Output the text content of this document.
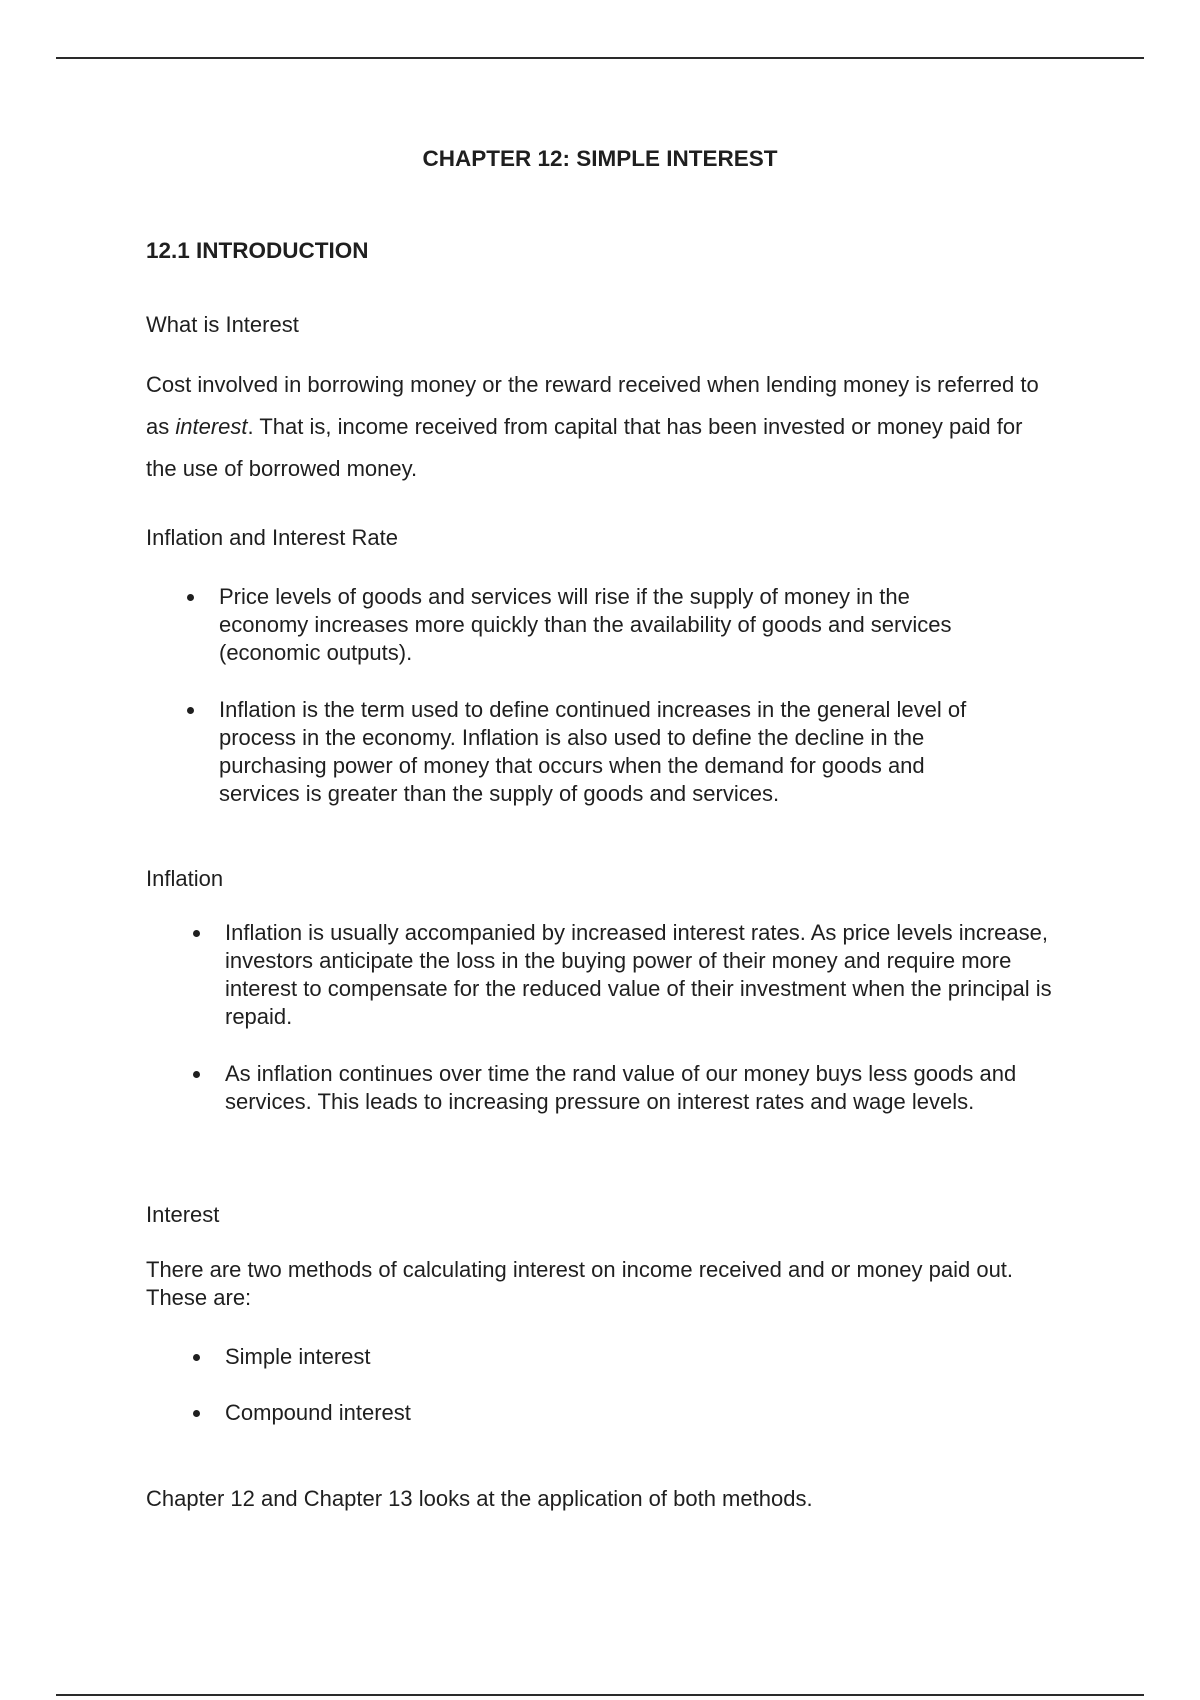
CHAPTER 12: SIMPLE INTEREST
12.1 INTRODUCTION
What is Interest

Cost involved in borrowing money or the reward received when lending money is referred to as interest. That is, income received from capital that has been invested or money paid for the use of borrowed money.

Inflation and Interest Rate
Price levels of goods and services will rise if the supply of money in the economy increases more quickly than the availability of goods and services (economic outputs).
Inflation is the term used to define continued increases in the general level of process in the economy. Inflation is also used to define the decline in the purchasing power of money that occurs when the demand for goods and services is greater than the supply of goods and services.
Inflation
Inflation is usually accompanied by increased interest rates. As price levels increase, investors anticipate the loss in the buying power of their money and require more interest to compensate for the reduced value of their investment when the principal is repaid.
As inflation continues over time the rand value of our money buys less goods and services. This leads to increasing pressure on interest rates and wage levels.
Interest

There are two methods of calculating interest on income received and or money paid out. These are:

Simple interest
Compound interest
Chapter 12 and Chapter 13 looks at the application of both methods.
